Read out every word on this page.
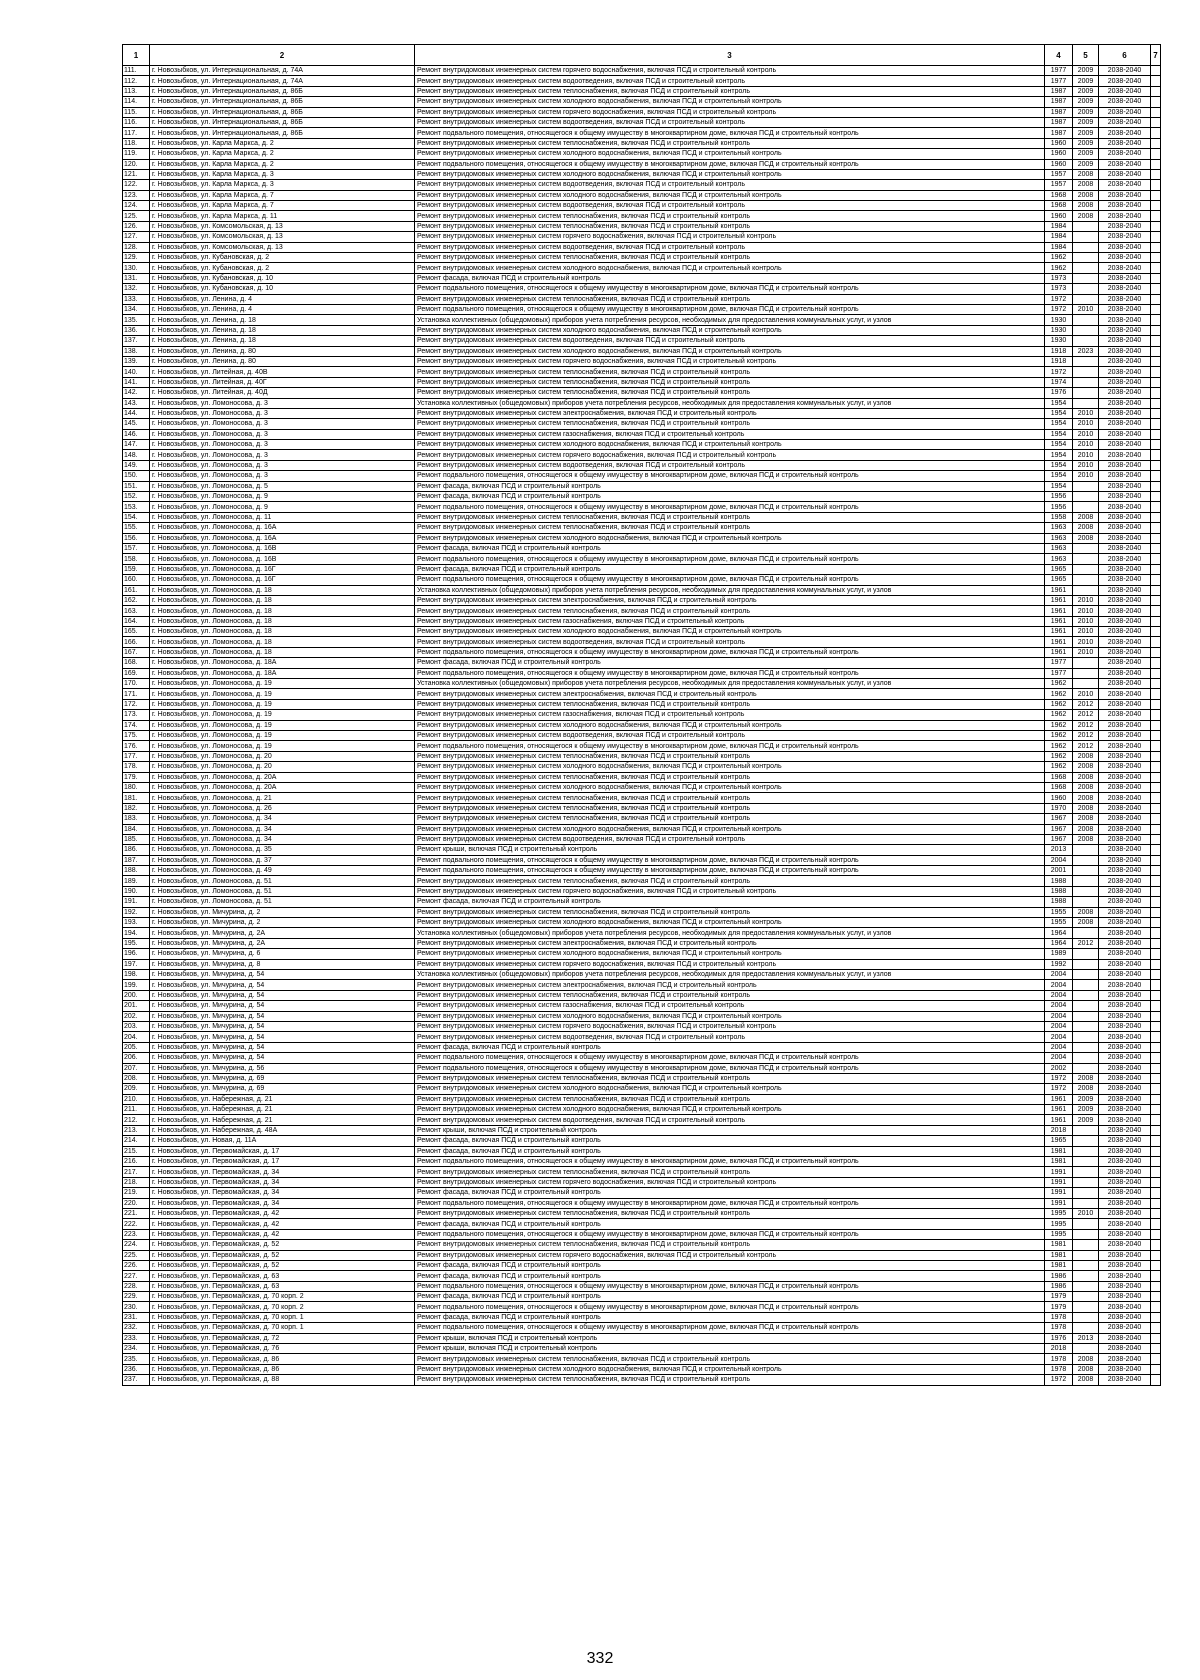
1	2	3	4	5	6	7
111.	г. Новозыбков, ул. Интернациональная, д. 74А	Ремонт внутридомовых инженерных систем горячего водоснабжения, включая ПСД и строительный контроль	1977	2009	2038-2040	
112.	г. Новозыбков, ул. Интернациональная, д. 74А	Ремонт внутридомовых инженерных систем водоотведения, включая ПСД и строительный контроль	1977	2009	2038-2040	
113.	г. Новозыбков, ул. Интернациональная, д. 86Б	Ремонт внутридомовых инженерных систем теплоснабжения, включая ПСД и строительный контроль	1987	2009	2038-2040	
114.	г. Новозыбков, ул. Интернациональная, д. 86Б	Ремонт внутридомовых инженерных систем холодного водоснабжения, включая ПСД и строительный контроль	1987	2009	2038-2040	
115.	г. Новозыбков, ул. Интернациональная, д. 86Б	Ремонт внутридомовых инженерных систем горячего водоснабжения, включая ПСД и строительный контроль	1987	2009	2038-2040	
116.	г. Новозыбков, ул. Интернациональная, д. 86Б	Ремонт внутридомовых инженерных систем водоотведения, включая ПСД и строительный контроль	1987	2009	2038-2040	
117.	г. Новозыбков, ул. Интернациональная, д. 86Б	Ремонт подвального помещения, относящегося к общему имуществу в многоквартирном доме, включая ПСД и строительный контроль	1987	2009	2038-2040	
118.	г. Новозыбков, ул. Карла Маркса, д. 2	Ремонт внутридомовых инженерных систем теплоснабжения, включая ПСД и строительный контроль	1960	2009	2038-2040	
119.	г. Новозыбков, ул. Карла Маркса, д. 2	Ремонт внутридомовых инженерных систем холодного водоснабжения, включая ПСД и строительный контроль	1960	2009	2038-2040	
120.	г. Новозыбков, ул. Карла Маркса, д. 2	Ремонт подвального помещения, относящегося к общему имуществу в многоквартирном доме, включая ПСД и строительный контроль	1960	2009	2038-2040	
121.	г. Новозыбков, ул. Карла Маркса, д. 3	Ремонт внутридомовых инженерных систем холодного водоснабжения, включая ПСД и строительный контроль	1957	2008	2038-2040	
122.	г. Новозыбков, ул. Карла Маркса, д. 3	Ремонт внутридомовых инженерных систем водоотведения, включая ПСД и строительный контроль	1957	2008	2038-2040	
123.	г. Новозыбков, ул. Карла Маркса, д. 7	Ремонт внутридомовых инженерных систем холодного водоснабжения, включая ПСД и строительный контроль	1968	2008	2038-2040	
124.	г. Новозыбков, ул. Карла Маркса, д. 7	Ремонт внутридомовых инженерных систем водоотведения, включая ПСД и строительный контроль	1968	2008	2038-2040	
125.	г. Новозыбков, ул. Карла Маркса, д. 11	Ремонт внутридомовых инженерных систем теплоснабжения, включая ПСД и строительный контроль	1960	2008	2038-2040	
126.	г. Новозыбков, ул. Комсомольская, д. 13	Ремонт внутридомовых инженерных систем теплоснабжения, включая ПСД и строительный контроль	1984		2038-2040	
127.	г. Новозыбков, ул. Комсомольская, д. 13	Ремонт внутридомовых инженерных систем горячего водоснабжения, включая ПСД и строительный контроль	1984		2038-2040	
128.	г. Новозыбков, ул. Комсомольская, д. 13	Ремонт внутридомовых инженерных систем водоотведения, включая ПСД и строительный контроль	1984		2038-2040	
129.	г. Новозыбков, ул. Кубановская, д. 2	Ремонт внутридомовых инженерных систем теплоснабжения, включая ПСД и строительный контроль	1962		2038-2040	
130.	г. Новозыбков, ул. Кубановская, д. 2	Ремонт внутридомовых инженерных систем холодного водоснабжения, включая ПСД и строительный контроль	1962		2038-2040	
131.	г. Новозыбков, ул. Кубановская, д. 10	Ремонт фасада, включая ПСД и строительный контроль	1973		2038-2040	
132.	г. Новозыбков, ул. Кубановская, д. 10	Ремонт подвального помещения, относящегося к общему имуществу в многоквартирном доме, включая ПСД и строительный контроль	1973		2038-2040	
133.	г. Новозыбков, ул. Ленина, д. 4	Ремонт внутридомовых инженерных систем теплоснабжения, включая ПСД и строительный контроль	1972		2038-2040	
134.	г. Новозыбков, ул. Ленина, д. 4	Ремонт подвального помещения, относящегося к общему имуществу в многоквартирном доме, включая ПСД и строительный контроль	1972	2010	2038-2040	
135.	г. Новозыбков, ул. Ленина, д. 18	Установка коллективных (общедомовых) приборов учета потребления ресурсов, необходимых для предоставления коммунальных услуг, и узлов	1930		2038-2040	
136.	г. Новозыбков, ул. Ленина, д. 18	Ремонт внутридомовых инженерных систем холодного водоснабжения, включая ПСД и строительный контроль	1930		2038-2040	
137.	г. Новозыбков, ул. Ленина, д. 18	Ремонт внутридомовых инженерных систем водоотведения, включая ПСД и строительный контроль	1930		2038-2040	
138.	г. Новозыбков, ул. Ленина, д. 80	Ремонт внутридомовых инженерных систем холодного водоснабжения, включая ПСД и строительный контроль	1918	2023	2038-2040	
139.	г. Новозыбков, ул. Ленина, д. 80	Ремонт внутридомовых инженерных систем горячего водоснабжения, включая ПСД и строительный контроль	1918		2038-2040	
140.	г. Новозыбков, ул. Литейная, д. 40В	Ремонт внутридомовых инженерных систем теплоснабжения, включая ПСД и строительный контроль	1972		2038-2040	
141.	г. Новозыбков, ул. Литейная, д. 40Г	Ремонт внутридомовых инженерных систем теплоснабжения, включая ПСД и строительный контроль	1974		2038-2040	
142.	г. Новозыбков, ул. Литейная, д. 40Д	Ремонт внутридомовых инженерных систем теплоснабжения, включая ПСД и строительный контроль	1976		2038-2040	
143.	г. Новозыбков, ул. Ломоносова, д. 3	Установка коллективных (общедомовых) приборов учета потребления ресурсов, необходимых для предоставления коммунальных услуг, и узлов	1954		2038-2040	
144.	г. Новозыбков, ул. Ломоносова, д. 3	Ремонт внутридомовых инженерных систем электроснабжения, включая ПСД и строительный контроль	1954	2010	2038-2040	
145.	г. Новозыбков, ул. Ломоносова, д. 3	Ремонт внутридомовых инженерных систем теплоснабжения, включая ПСД и строительный контроль	1954	2010	2038-2040	
146.	г. Новозыбков, ул. Ломоносова, д. 3	Ремонт внутридомовых инженерных систем газоснабжения, включая ПСД и строительный контроль	1954	2010	2038-2040	
147.	г. Новозыбков, ул. Ломоносова, д. 3	Ремонт внутридомовых инженерных систем холодного водоснабжения, включая ПСД и строительный контроль	1954	2010	2038-2040	
148.	г. Новозыбков, ул. Ломоносова, д. 3	Ремонт внутридомовых инженерных систем горячего водоснабжения, включая ПСД и строительный контроль	1954	2010	2038-2040	
149.	г. Новозыбков, ул. Ломоносова, д. 3	Ремонт внутридомовых инженерных систем водоотведения, включая ПСД и строительный контроль	1954	2010	2038-2040	
150.	г. Новозыбков, ул. Ломоносова, д. 3	Ремонт подвального помещения, относящегося к общему имуществу в многоквартирном доме, включая ПСД и строительный контроль	1954	2010	2038-2040	
151.	г. Новозыбков, ул. Ломоносова, д. 5	Ремонт фасада, включая ПСД и строительный контроль	1954		2038-2040	
152.	г. Новозыбков, ул. Ломоносова, д. 9	Ремонт фасада, включая ПСД и строительный контроль	1956		2038-2040	
153.	г. Новозыбков, ул. Ломоносова, д. 9	Ремонт подвального помещения, относящегося к общему имуществу в многоквартирном доме, включая ПСД и строительный контроль	1956		2038-2040	
154.	г. Новозыбков, ул. Ломоносова, д. 11	Ремонт внутридомовых инженерных систем теплоснабжения, включая ПСД и строительный контроль	1958	2008	2038-2040	
155.	г. Новозыбков, ул. Ломоносова, д. 16А	Ремонт внутридомовых инженерных систем теплоснабжения, включая ПСД и строительный контроль	1963	2008	2038-2040	
156.	г. Новозыбков, ул. Ломоносова, д. 16А	Ремонт внутридомовых инженерных систем холодного водоснабжения, включая ПСД и строительный контроль	1963	2008	2038-2040	
157.	г. Новозыбков, ул. Ломоносова, д. 16В	Ремонт фасада, включая ПСД и строительный контроль	1963		2038-2040	
158.	г. Новозыбков, ул. Ломоносова, д. 16В	Ремонт подвального помещения, относящегося к общему имуществу в многоквартирном доме, включая ПСД и строительный контроль	1963		2038-2040	
159.	г. Новозыбков, ул. Ломоносова, д. 16Г	Ремонт фасада, включая ПСД и строительный контроль	1965		2038-2040	
160.	г. Новозыбков, ул. Ломоносова, д. 16Г	Ремонт подвального помещения, относящегося к общему имуществу в многоквартирном доме, включая ПСД и строительный контроль	1965		2038-2040	
161.	г. Новозыбков, ул. Ломоносова, д. 18	Установка коллективных (общедомовых) приборов учета потребления ресурсов, необходимых для предоставления коммунальных услуг, и узлов	1961		2038-2040	
162.	г. Новозыбков, ул. Ломоносова, д. 18	Ремонт внутридомовых инженерных систем электроснабжения, включая ПСД и строительный контроль	1961	2010	2038-2040	
163.	г. Новозыбков, ул. Ломоносова, д. 18	Ремонт внутридомовых инженерных систем теплоснабжения, включая ПСД и строительный контроль	1961	2010	2038-2040	
164.	г. Новозыбков, ул. Ломоносова, д. 18	Ремонт внутридомовых инженерных систем газоснабжения, включая ПСД и строительный контроль	1961	2010	2038-2040	
165.	г. Новозыбков, ул. Ломоносова, д. 18	Ремонт внутридомовых инженерных систем холодного водоснабжения, включая ПСД и строительный контроль	1961	2010	2038-2040	
166.	г. Новозыбков, ул. Ломоносова, д. 18	Ремонт внутридомовых инженерных систем водоотведения, включая ПСД и строительный контроль	1961	2010	2038-2040	
167.	г. Новозыбков, ул. Ломоносова, д. 18	Ремонт подвального помещения, относящегося к общему имуществу в многоквартирном доме, включая ПСД и строительный контроль	1961	2010	2038-2040	
168.	г. Новозыбков, ул. Ломоносова, д. 18А	Ремонт фасада, включая ПСД и строительный контроль	1977		2038-2040	
169.	г. Новозыбков, ул. Ломоносова, д. 18А	Ремонт подвального помещения, относящегося к общему имуществу в многоквартирном доме, включая ПСД и строительный контроль	1977		2038-2040	
170.	г. Новозыбков, ул. Ломоносова, д. 19	Установка коллективных (общедомовых) приборов учета потребления ресурсов, необходимых для предоставления коммунальных услуг, и узлов	1962		2038-2040	
171.	г. Новозыбков, ул. Ломоносова, д. 19	Ремонт внутридомовых инженерных систем электроснабжения, включая ПСД и строительный контроль	1962	2010	2038-2040	
172.	г. Новозыбков, ул. Ломоносова, д. 19	Ремонт внутридомовых инженерных систем теплоснабжения, включая ПСД и строительный контроль	1962	2012	2038-2040	
173.	г. Новозыбков, ул. Ломоносова, д. 19	Ремонт внутридомовых инженерных систем газоснабжения, включая ПСД и строительный контроль	1962	2012	2038-2040	
174.	г. Новозыбков, ул. Ломоносова, д. 19	Ремонт внутридомовых инженерных систем холодного водоснабжения, включая ПСД и строительный контроль	1962	2012	2038-2040	
175.	г. Новозыбков, ул. Ломоносова, д. 19	Ремонт внутридомовых инженерных систем водоотведения, включая ПСД и строительный контроль	1962	2012	2038-2040	
176.	г. Новозыбков, ул. Ломоносова, д. 19	Ремонт подвального помещения, относящегося к общему имуществу в многоквартирном доме, включая ПСД и строительный контроль	1962	2012	2038-2040	
177.	г. Новозыбков, ул. Ломоносова, д. 20	Ремонт внутридомовых инженерных систем теплоснабжения, включая ПСД и строительный контроль	1962	2008	2038-2040	
178.	г. Новозыбков, ул. Ломоносова, д. 20	Ремонт внутридомовых инженерных систем холодного водоснабжения, включая ПСД и строительный контроль	1962	2008	2038-2040	
179.	г. Новозыбков, ул. Ломоносова, д. 20А	Ремонт внутридомовых инженерных систем теплоснабжения, включая ПСД и строительный контроль	1968	2008	2038-2040	
180.	г. Новозыбков, ул. Ломоносова, д. 20А	Ремонт внутридомовых инженерных систем холодного водоснабжения, включая ПСД и строительный контроль	1968	2008	2038-2040	
181.	г. Новозыбков, ул. Ломоносова, д. 21	Ремонт внутридомовых инженерных систем теплоснабжения, включая ПСД и строительный контроль	1960	2008	2038-2040	
182.	г. Новозыбков, ул. Ломоносова, д. 26	Ремонт внутридомовых инженерных систем теплоснабжения, включая ПСД и строительный контроль	1970	2008	2038-2040	
183.	г. Новозыбков, ул. Ломоносова, д. 34	Ремонт внутридомовых инженерных систем теплоснабжения, включая ПСД и строительный контроль	1967	2008	2038-2040	
184.	г. Новозыбков, ул. Ломоносова, д. 34	Ремонт внутридомовых инженерных систем холодного водоснабжения, включая ПСД и строительный контроль	1967	2008	2038-2040	
185.	г. Новозыбков, ул. Ломоносова, д. 34	Ремонт внутридомовых инженерных систем водоотведения, включая ПСД и строительный контроль	1967	2008	2038-2040	
186.	г. Новозыбков, ул. Ломоносова, д. 35	Ремонт крыши, включая ПСД и строительный контроль	2013		2038-2040	
187.	г. Новозыбков, ул. Ломоносова, д. 37	Ремонт подвального помещения, относящегося к общему имуществу в многоквартирном доме, включая ПСД и строительный контроль	2004		2038-2040	
188.	г. Новозыбков, ул. Ломоносова, д. 49	Ремонт подвального помещения, относящегося к общему имуществу в многоквартирном доме, включая ПСД и строительный контроль	2001		2038-2040	
189.	г. Новозыбков, ул. Ломоносова, д. 51	Ремонт внутридомовых инженерных систем теплоснабжения, включая ПСД и строительный контроль	1988		2038-2040	
190.	г. Новозыбков, ул. Ломоносова, д. 51	Ремонт внутридомовых инженерных систем горячего водоснабжения, включая ПСД и строительный контроль	1988		2038-2040	
191.	г. Новозыбков, ул. Ломоносова, д. 51	Ремонт фасада, включая ПСД и строительный контроль	1988		2038-2040	
192.	г. Новозыбков, ул. Мичурина, д. 2	Ремонт внутридомовых инженерных систем теплоснабжения, включая ПСД и строительный контроль	1955	2008	2038-2040	
193.	г. Новозыбков, ул. Мичурина, д. 2	Ремонт внутридомовых инженерных систем холодного водоснабжения, включая ПСД и строительный контроль	1955	2008	2038-2040	
194.	г. Новозыбков, ул. Мичурина, д. 2А	Установка коллективных (общедомовых) приборов учета потребления ресурсов, необходимых для предоставления коммунальных услуг, и узлов	1964		2038-2040	
195.	г. Новозыбков, ул. Мичурина, д. 2А	Ремонт внутридомовых инженерных систем электроснабжения, включая ПСД и строительный контроль	1964	2012	2038-2040	
196.	г. Новозыбков, ул. Мичурина, д. 6	Ремонт внутридомовых инженерных систем холодного водоснабжения, включая ПСД и строительный контроль	1989		2038-2040	
197.	г. Новозыбков, ул. Мичурина, д. 8	Ремонт внутридомовых инженерных систем горячего водоснабжения, включая ПСД и строительный контроль	1992		2038-2040	
198.	г. Новозыбков, ул. Мичурина, д. 54	Установка коллективных (общедомовых) приборов учета потребления ресурсов, необходимых для предоставления коммунальных услуг, и узлов	2004		2038-2040	
199.	г. Новозыбков, ул. Мичурина, д. 54	Ремонт внутридомовых инженерных систем электроснабжения, включая ПСД и строительный контроль	2004		2038-2040	
200.	г. Новозыбков, ул. Мичурина, д. 54	Ремонт внутридомовых инженерных систем теплоснабжения, включая ПСД и строительный контроль	2004		2038-2040	
201.	г. Новозыбков, ул. Мичурина, д. 54	Ремонт внутридомовых инженерных систем газоснабжения, включая ПСД и строительный контроль	2004		2038-2040	
202.	г. Новозыбков, ул. Мичурина, д. 54	Ремонт внутридомовых инженерных систем холодного водоснабжения, включая ПСД и строительный контроль	2004		2038-2040	
203.	г. Новозыбков, ул. Мичурина, д. 54	Ремонт внутридомовых инженерных систем горячего водоснабжения, включая ПСД и строительный контроль	2004		2038-2040	
204.	г. Новозыбков, ул. Мичурина, д. 54	Ремонт внутридомовых инженерных систем водоотведения, включая ПСД и строительный контроль	2004		2038-2040	
205.	г. Новозыбков, ул. Мичурина, д. 54	Ремонт фасада, включая ПСД и строительный контроль	2004		2038-2040	
206.	г. Новозыбков, ул. Мичурина, д. 54	Ремонт подвального помещения, относящегося к общему имуществу в многоквартирном доме, включая ПСД и строительный контроль	2004		2038-2040	
207.	г. Новозыбков, ул. Мичурина, д. 56	Ремонт подвального помещения, относящегося к общему имуществу в многоквартирном доме, включая ПСД и строительный контроль	2002		2038-2040	
208.	г. Новозыбков, ул. Мичурина, д. 69	Ремонт внутридомовых инженерных систем теплоснабжения, включая ПСД и строительный контроль	1972	2008	2038-2040	
209.	г. Новозыбков, ул. Мичурина, д. 69	Ремонт внутридомовых инженерных систем холодного водоснабжения, включая ПСД и строительный контроль	1972	2008	2038-2040	
210.	г. Новозыбков, ул. Набережная, д. 21	Ремонт внутридомовых инженерных систем теплоснабжения, включая ПСД и строительный контроль	1961	2009	2038-2040	
211.	г. Новозыбков, ул. Набережная, д. 21	Ремонт внутридомовых инженерных систем холодного водоснабжения, включая ПСД и строительный контроль	1961	2009	2038-2040	
212.	г. Новозыбков, ул. Набережная, д. 21	Ремонт внутридомовых инженерных систем водоотведения, включая ПСД и строительный контроль	1961	2009	2038-2040	
213.	г. Новозыбков, ул. Набережная, д. 48А	Ремонт крыши, включая ПСД и строительный контроль	2018		2038-2040	
214.	г. Новозыбков, ул. Новая, д. 11А	Ремонт фасада, включая ПСД и строительный контроль	1965		2038-2040	
215.	г. Новозыбков, ул. Первомайская, д. 17	Ремонт фасада, включая ПСД и строительный контроль	1981		2038-2040	
216.	г. Новозыбков, ул. Первомайская, д. 17	Ремонт подвального помещения, относящегося к общему имуществу в многоквартирном доме, включая ПСД и строительный контроль	1981		2038-2040	
217.	г. Новозыбков, ул. Первомайская, д. 34	Ремонт внутридомовых инженерных систем теплоснабжения, включая ПСД и строительный контроль	1991		2038-2040	
218.	г. Новозыбков, ул. Первомайская, д. 34	Ремонт внутридомовых инженерных систем горячего водоснабжения, включая ПСД и строительный контроль	1991		2038-2040	
219.	г. Новозыбков, ул. Первомайская, д. 34	Ремонт фасада, включая ПСД и строительный контроль	1991		2038-2040	
220.	г. Новозыбков, ул. Первомайская, д. 34	Ремонт подвального помещения, относящегося к общему имуществу в многоквартирном доме, включая ПСД и строительный контроль	1991		2038-2040	
221.	г. Новозыбков, ул. Первомайская, д. 42	Ремонт внутридомовых инженерных систем теплоснабжения, включая ПСД и строительный контроль	1995	2010	2038-2040	
222.	г. Новозыбков, ул. Первомайская, д. 42	Ремонт фасада, включая ПСД и строительный контроль	1995		2038-2040	
223.	г. Новозыбков, ул. Первомайская, д. 42	Ремонт подвального помещения, относящегося к общему имуществу в многоквартирном доме, включая ПСД и строительный контроль	1995		2038-2040	
224.	г. Новозыбков, ул. Первомайская, д. 52	Ремонт внутридомовых инженерных систем теплоснабжения, включая ПСД и строительный контроль	1981		2038-2040	
225.	г. Новозыбков, ул. Первомайская, д. 52	Ремонт внутридомовых инженерных систем горячего водоснабжения, включая ПСД и строительный контроль	1981		2038-2040	
226.	г. Новозыбков, ул. Первомайская, д. 52	Ремонт фасада, включая ПСД и строительный контроль	1981		2038-2040	
227.	г. Новозыбков, ул. Первомайская, д. 63	Ремонт фасада, включая ПСД и строительный контроль	1986		2038-2040	
228.	г. Новозыбков, ул. Первомайская, д. 63	Ремонт подвального помещения, относящегося к общему имуществу в многоквартирном доме, включая ПСД и строительный контроль	1986		2038-2040	
229.	г. Новозыбков, ул. Первомайская, д. 70 корп. 2	Ремонт фасада, включая ПСД и строительный контроль	1979		2038-2040	
230.	г. Новозыбков, ул. Первомайская, д. 70 корп. 2	Ремонт подвального помещения, относящегося к общему имуществу в многоквартирном доме, включая ПСД и строительный контроль	1979		2038-2040	
231.	г. Новозыбков, ул. Первомайская, д. 70 корп. 1	Ремонт фасада, включая ПСД и строительный контроль	1978		2038-2040	
232.	г. Новозыбков, ул. Первомайская, д. 70 корп. 1	Ремонт подвального помещения, относящегося к общему имуществу в многоквартирном доме, включая ПСД и строительный контроль	1978		2038-2040	
233.	г. Новозыбков, ул. Первомайская, д. 72	Ремонт крыши, включая ПСД и строительный контроль	1976	2013	2038-2040	
234.	г. Новозыбков, ул. Первомайская, д. 76	Ремонт крыши, включая ПСД и строительный контроль	2018		2038-2040	
235.	г. Новозыбков, ул. Первомайская, д. 86	Ремонт внутридомовых инженерных систем теплоснабжения, включая ПСД и строительный контроль	1978	2008	2038-2040	
236.	г. Новозыбков, ул. Первомайская, д. 86	Ремонт внутридомовых инженерных систем холодного водоснабжения, включая ПСД и строительный контроль	1978	2008	2038-2040	
237.	г. Новозыбков, ул. Первомайская, д. 88	Ремонт внутридомовых инженерных систем теплоснабжения, включая ПСД и строительный контроль	1972	2008	2038-2040	
332
